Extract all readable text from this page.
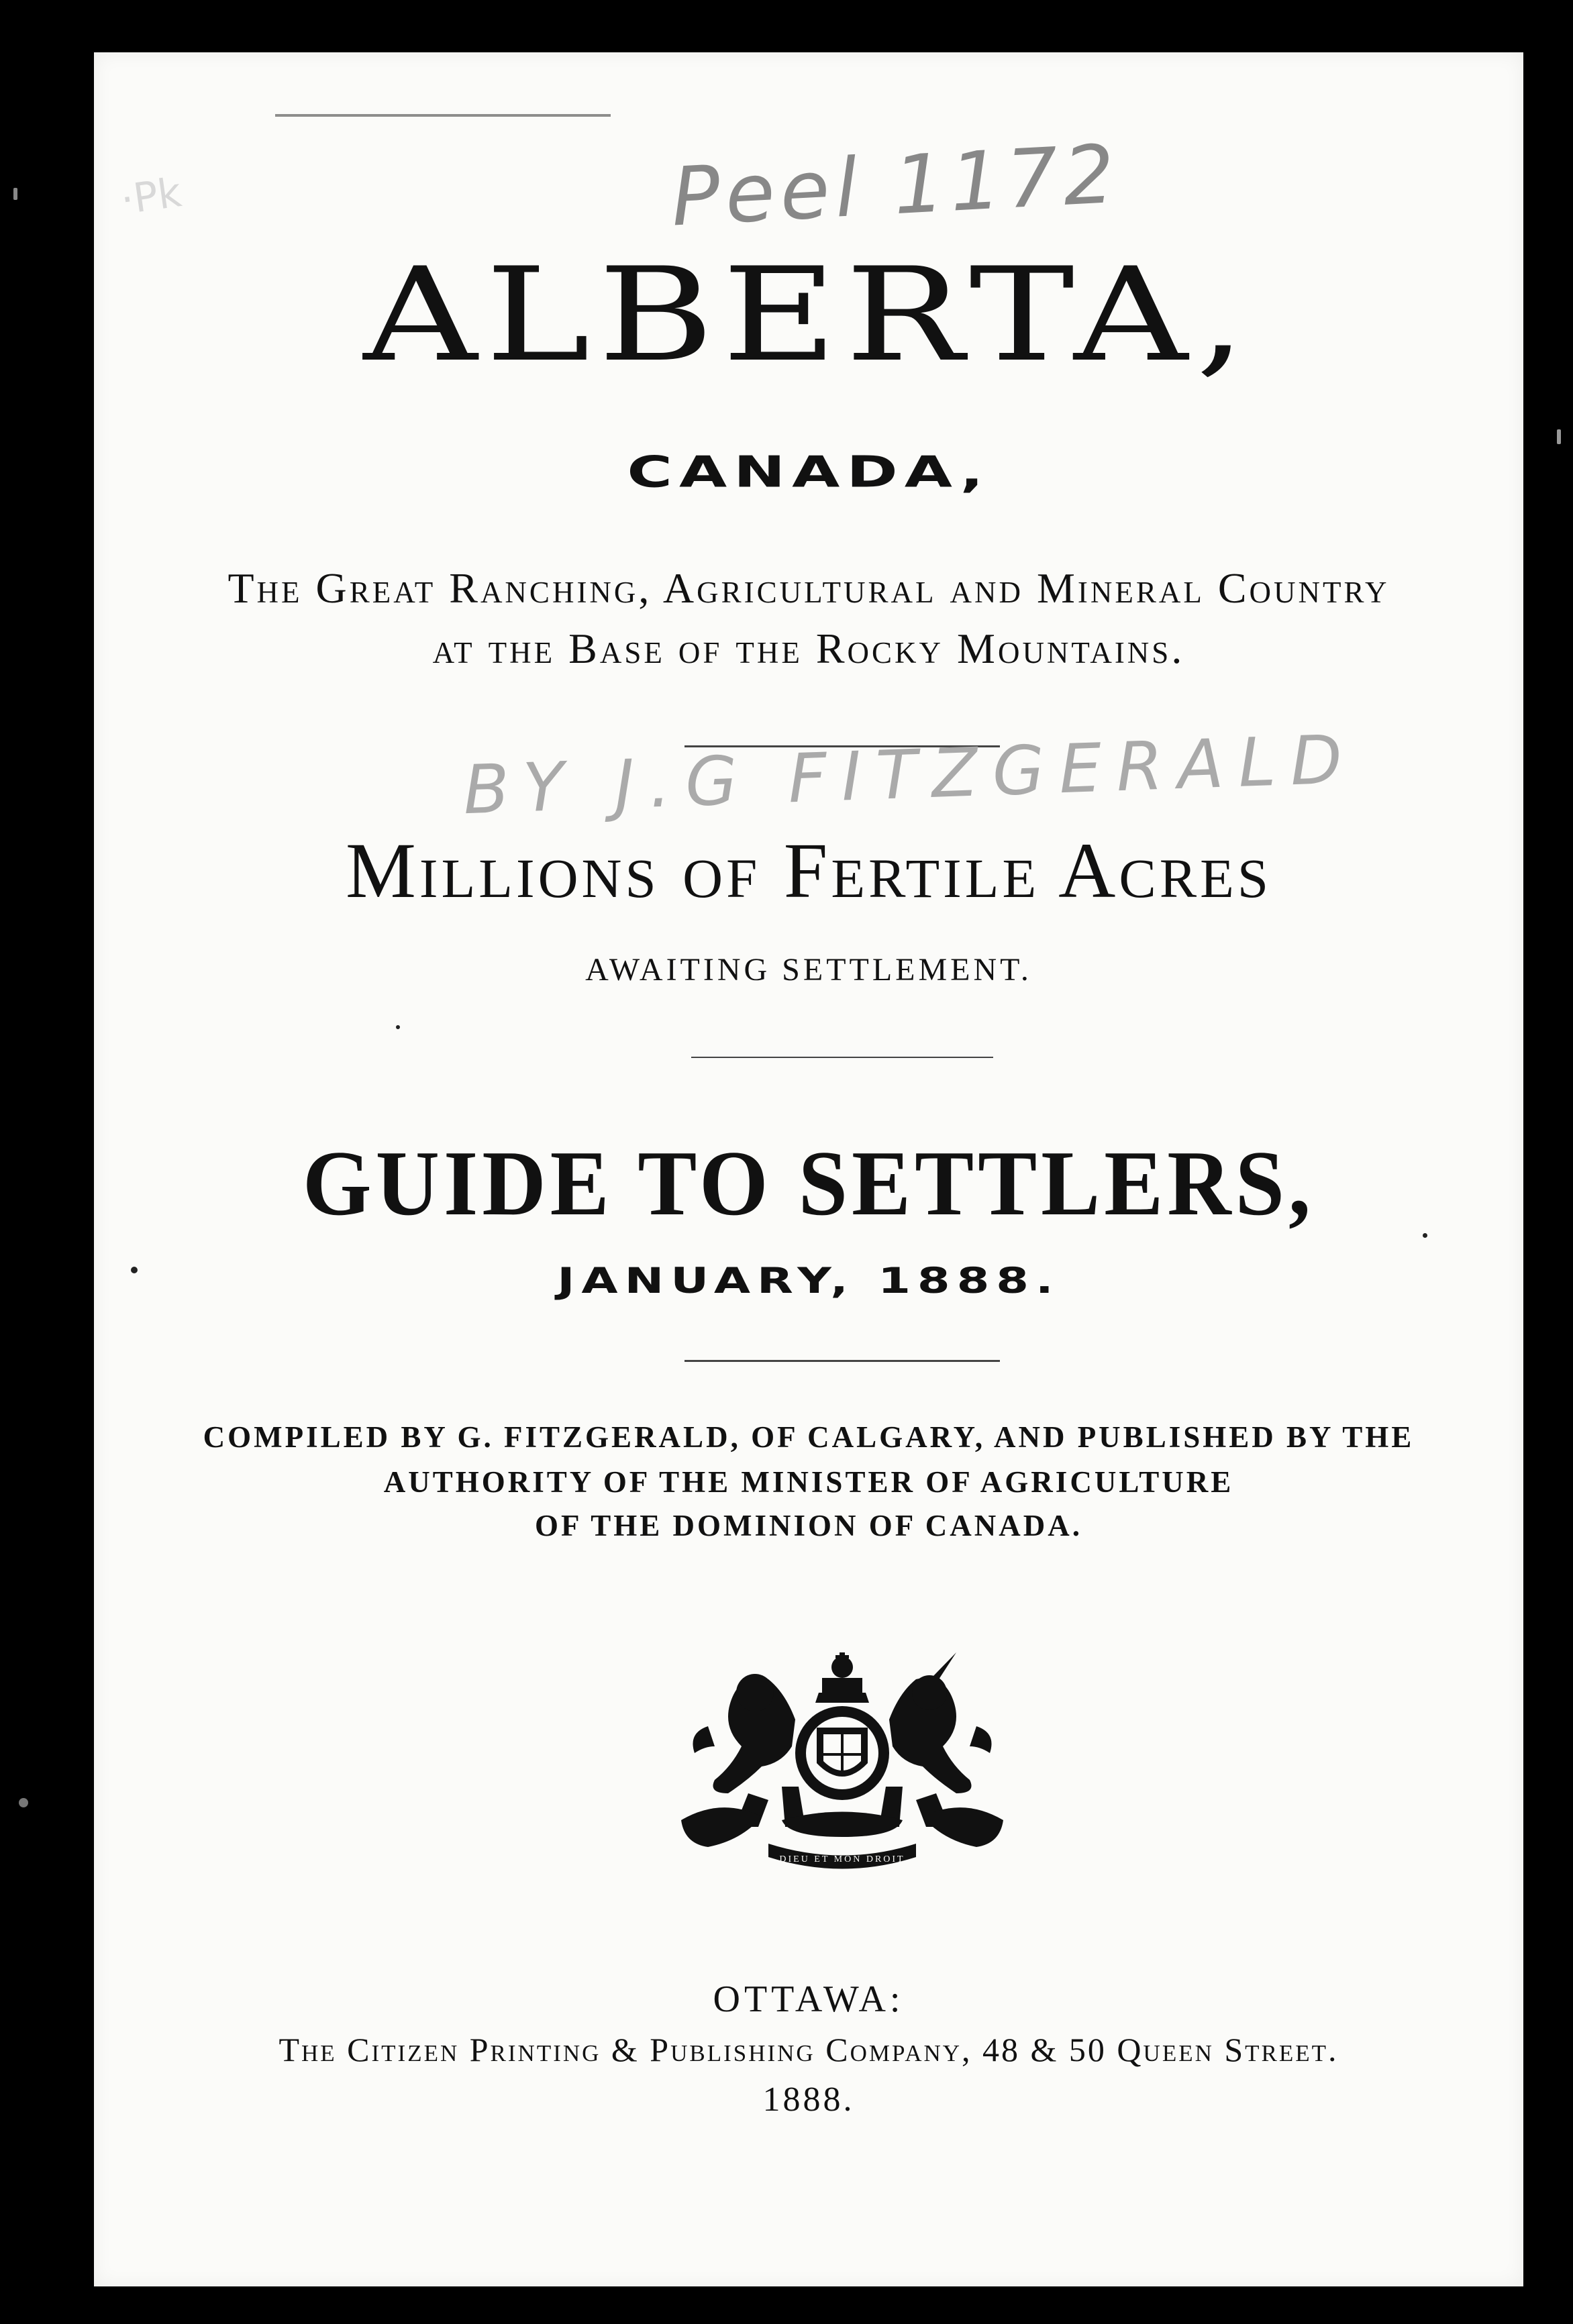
·Pk	Peel 1172
ALBERTA,
CANADA,
The Great Ranching, Agricultural and Mineral Country
at the Base of the Rocky Mountains.
BY J.G FITZGERALD
Millions of Fertile Acres
AWAITING SETTLEMENT.
GUIDE TO SETTLERS,
JANUARY, 1888.
COMPILED BY G. FITZGERALD, OF CALGARY, AND PUBLISHED BY THE
AUTHORITY OF THE MINISTER OF AGRICULTURE
OF THE DOMINION OF CANADA.
DIEU ET MON DROIT
OTTAWA:
The Citizen Printing & Publishing Company, 48 & 50 Queen Street.
1888.
